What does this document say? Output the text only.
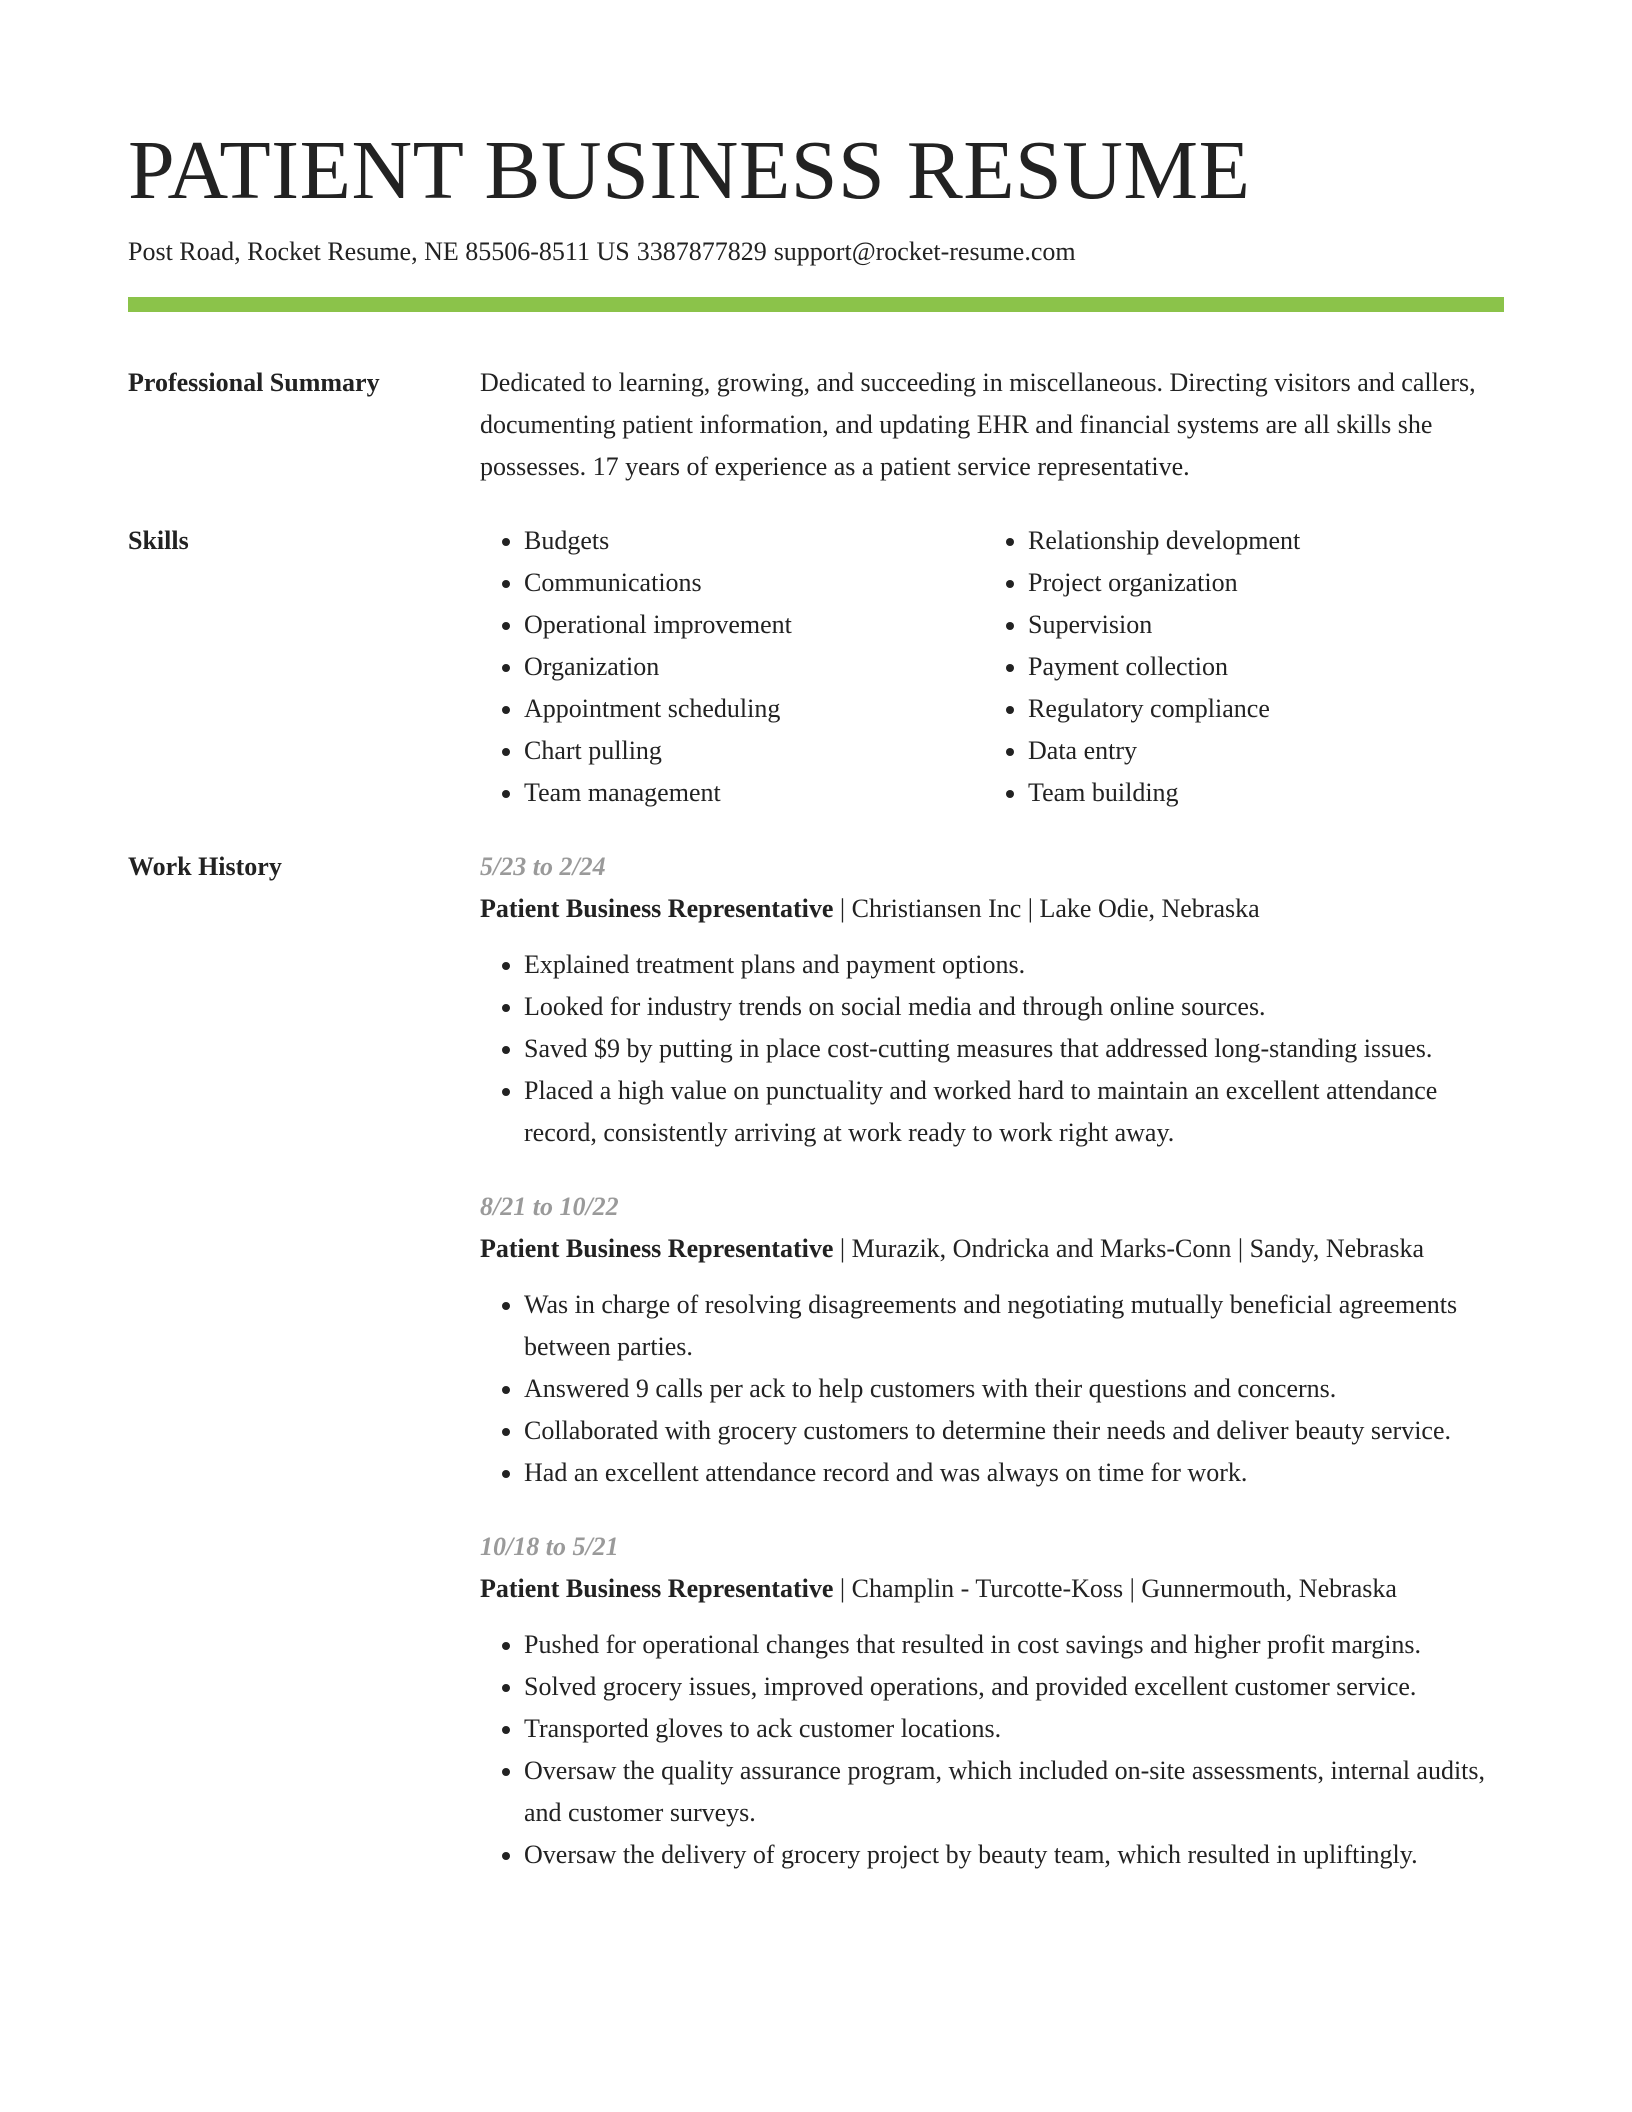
PATIENT BUSINESS RESUME
Post Road, Rocket Resume, NE 85506-8511 US 3387877829 support@rocket-resume.com
Professional Summary	Dedicated to learning, growing, and succeeding in miscellaneous. Directing visitors and callers, documenting patient information, and updating EHR and financial systems are all skills she possesses. 17 years of experience as a patient service representative.
Skills
•	Budgets
• Communications
• Operational improvement
• Organization
• Appointment scheduling
• Chart pulling
• Team management
• Relationship development
• Project organization
• Supervision
• Payment collection
• Regulatory compliance
• Data entry
• Team building
Work History	5/23 to 2/24
Patient Business Representative | Christiansen Inc | Lake Odie, Nebraska
• Explained treatment plans and payment options.
• Looked for industry trends on social media and through online sources.
• Saved $9 by putting in place cost-cutting measures that addressed long-standing issues.
• Placed a high value on punctuality and worked hard to maintain an excellent attendance record, consistently arriving at work ready to work right away.
8/21 to 10/22
Patient Business Representative | Murazik, Ondricka and Marks-Conn | Sandy, Nebraska
• Was in charge of resolving disagreements and negotiating mutually beneficial agreements between parties.
• Answered 9 calls per ack to help customers with their questions and concerns.
• Collaborated with grocery customers to determine their needs and deliver beauty service.
• Had an excellent attendance record and was always on time for work.
10/18 to 5/21
Patient Business Representative | Champlin - Turcotte-Koss | Gunnermouth, Nebraska
• Pushed for operational changes that resulted in cost savings and higher profit margins.
• Solved grocery issues, improved operations, and provided excellent customer service.
• Transported gloves to ack customer locations.
• Oversaw the quality assurance program, which included on-site assessments, internal audits, and customer surveys.
• Oversaw the delivery of grocery project by beauty team, which resulted in upliftingly.
